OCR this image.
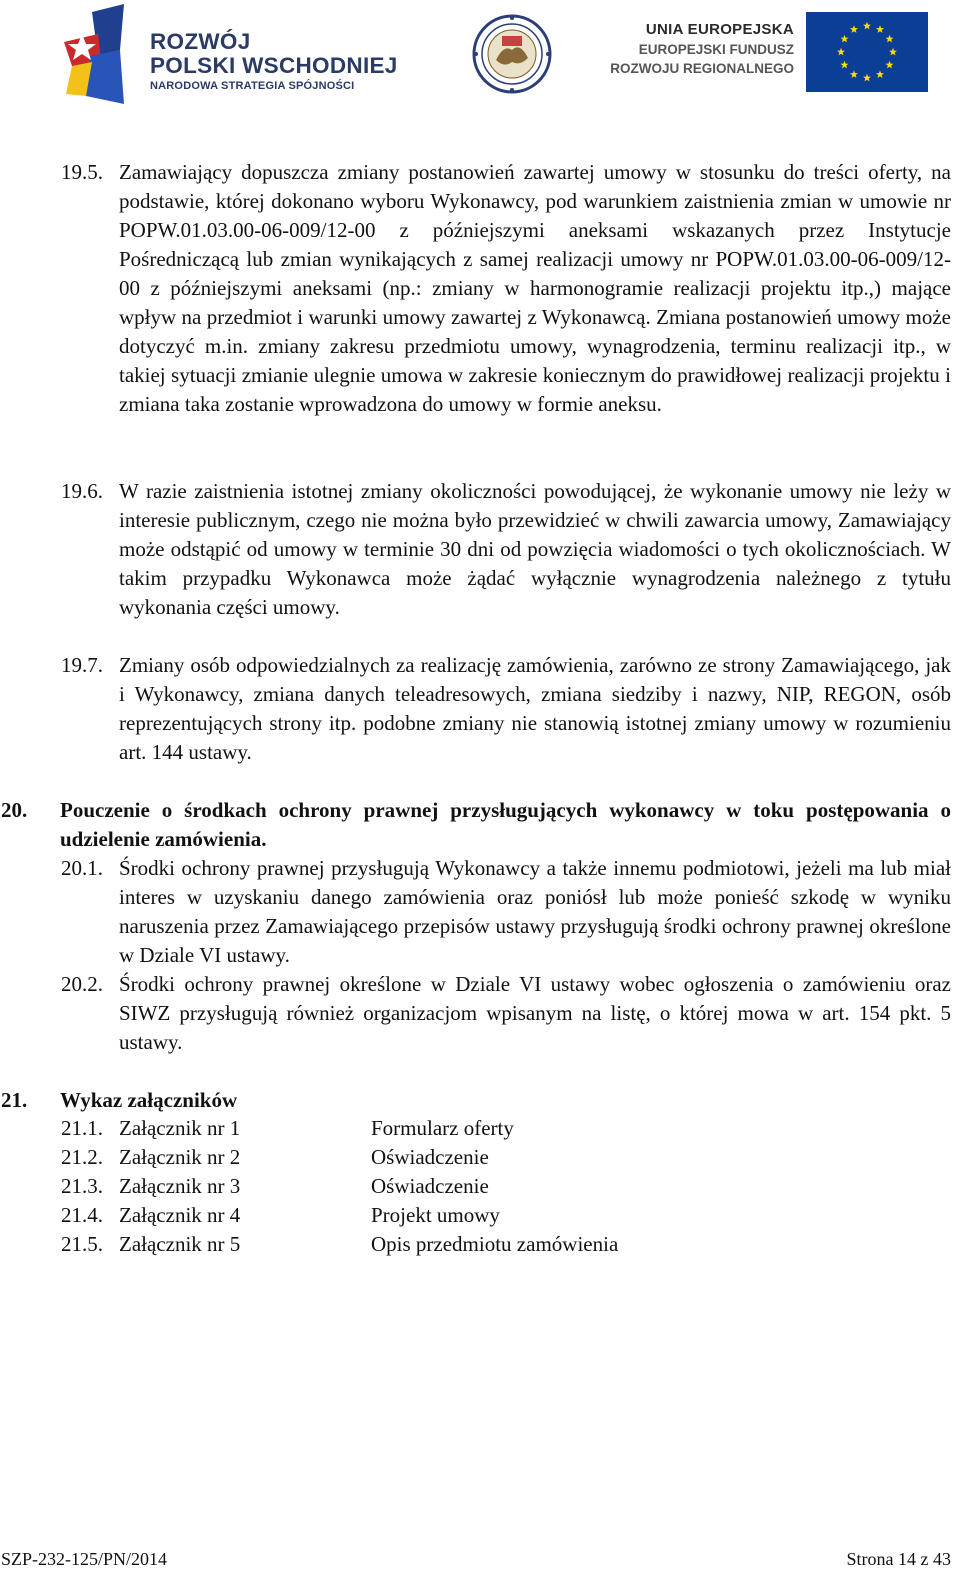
ROZWÓJ
POLSKI WSCHODNIEJ
NARODOWA STRATEGIA SPÓJNOŚCI
UNIA EUROPEJSKA
EUROPEJSKI FUNDUSZ
ROZWOJU REGIONALNEGO
19.5. Zamawiający dopuszcza zmiany postanowień zawartej umowy w stosunku do treści oferty, na podstawie, której dokonano wyboru Wykonawcy, pod warunkiem zaistnienia zmian w umowie nr POPW.01.03.00-06-009/12-00 z późniejszymi aneksami wskazanych przez Instytucje Pośredniczącą lub zmian wynikających z samej realizacji umowy nr POPW.01.03.00-06-009/12-00 z późniejszymi aneksami (np.: zmiany w harmonogramie realizacji projektu itp.,) mające wpływ na przedmiot i warunki umowy zawartej z Wykonawcą. Zmiana postanowień umowy może dotyczyć m.in. zmiany zakresu przedmiotu umowy, wynagrodzenia, terminu realizacji itp., w takiej sytuacji zmianie ulegnie umowa w zakresie koniecznym do prawidłowej realizacji projektu i zmiana taka zostanie wprowadzona do umowy w formie aneksu.
19.6. W razie zaistnienia istotnej zmiany okoliczności powodującej, że wykonanie umowy nie leży w interesie publicznym, czego nie można było przewidzieć w chwili zawarcia umowy, Zamawiający może odstąpić od umowy w terminie 30 dni od powzięcia wiadomości o tych okolicznościach. W takim przypadku Wykonawca może żądać wyłącznie wynagrodzenia należnego z tytułu wykonania części umowy.
19.7. Zmiany osób odpowiedzialnych za realizację zamówienia, zarówno ze strony Zamawiającego, jak i Wykonawcy, zmiana danych teleadresowych, zmiana siedziby i nazwy, NIP, REGON, osób reprezentujących strony itp. podobne zmiany nie stanowią istotnej zmiany umowy w rozumieniu art. 144 ustawy.
20. Pouczenie o środkach ochrony prawnej przysługujących wykonawcy w toku postępowania o udzielenie zamówienia.
20.1. Środki ochrony prawnej przysługują Wykonawcy a także innemu podmiotowi, jeżeli ma lub miał interes w uzyskaniu danego zamówienia oraz poniósł lub może ponieść szkodę w wyniku naruszenia przez Zamawiającego przepisów ustawy przysługują środki ochrony prawnej określone w Dziale VI ustawy.
20.2. Środki ochrony prawnej określone w Dziale VI ustawy wobec ogłoszenia o zamówieniu oraz SIWZ przysługują również organizacjom wpisanym na listę, o której mowa w art. 154 pkt. 5 ustawy.
21. Wykaz załączników
21.1. Załącznik nr 1	Formularz oferty
21.2. Załącznik nr 2	Oświadczenie
21.3. Załącznik nr 3	Oświadczenie
21.4. Załącznik nr 4	Projekt umowy
21.5. Załącznik nr 5	Opis przedmiotu zamówienia
SZP-232-125/PN/2014	Strona 14 z 43
